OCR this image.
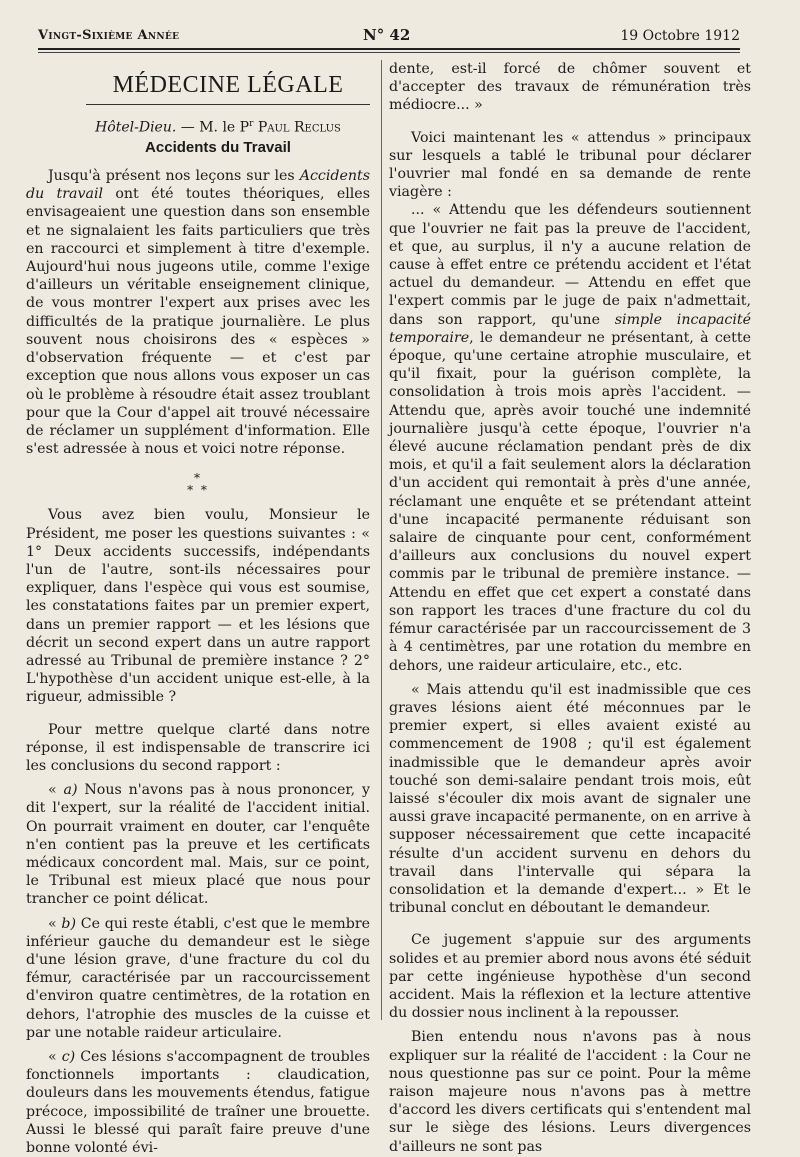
Vingt-Sixième Année	N° 42	19 Octobre 1912
MÉDECINE LÉGALE
Hôtel-Dieu. — M. le $P^r$ Paul Reclus
Accidents du Travail

Jusqu'à présent nos leçons sur les Accidents du travail ont été toutes théoriques, elles envisageaient une question dans son ensemble et ne signalaient les faits particuliers que très en raccourci et simplement à titre d'exemple. Aujourd'hui nous jugeons utile, comme l'exige d'ailleurs un véritable enseignement clinique, de vous montrer l'expert aux prises avec les difficultés de la pratique journalière. Le plus souvent nous choisirons des « espèces » d'observation fréquente — et c'est par exception que nous allons vous exposer un cas où le problème à résoudre était assez troublant pour que la Cour d'appel ait trouvé nécessaire de réclamer un supplément d'information. Elle s'est adressée à nous et voici notre réponse.

*
* *

Vous avez bien voulu, Monsieur le Président, me poser les questions suivantes : « 1° Deux accidents successifs, indépendants l'un de l'autre, sont-ils nécessaires pour expliquer, dans l'espèce qui vous est soumise, les constatations faites par un premier expert, dans un premier rapport — et les lésions que décrit un second expert dans un autre rapport adressé au Tribunal de première instance ? 2° L'hypothèse d'un accident unique est-elle, à la rigueur, admissible ?

Pour mettre quelque clarté dans notre réponse, il est indispensable de transcrire ici les conclusions du second rapport :

« a) Nous n'avons pas à nous prononcer, y dit l'expert, sur la réalité de l'accident initial. On pourrait vraiment en douter, car l'enquête n'en contient pas la preuve et les certificats médicaux concordent mal. Mais, sur ce point, le Tribunal est mieux placé que nous pour trancher ce point délicat.

« b) Ce qui reste établi, c'est que le membre inférieur gauche du demandeur est le siège d'une lésion grave, d'une fracture du col du fémur, caractérisée par un raccourcissement d'environ quatre centimètres, de la rotation en dehors, l'atrophie des muscles de la cuisse et par une notable raideur articulaire.

« c) Ces lésions s'accompagnent de troubles fonctionnels importants : claudication, douleurs dans les mouvements étendus, fatigue précoce, impossibilité de traîner une brouette. Aussi le blessé qui paraît faire preuve d'une bonne volonté évi-

dente, est-il forcé de chômer souvent et d'accepter des travaux de rémunération très médiocre... »

Voici maintenant les « attendus » principaux sur lesquels a tablé le tribunal pour déclarer l'ouvrier mal fondé en sa demande de rente viagère :

... « Attendu que les défendeurs soutiennent que l'ouvrier ne fait pas la preuve de l'accident, et que, au surplus, il n'y a aucune relation de cause à effet entre ce prétendu accident et l'état actuel du demandeur. — Attendu en effet que l'expert commis par le juge de paix n'admettait, dans son rapport, qu'une simple incapacité temporaire, le demandeur ne présentant, à cette époque, qu'une certaine atrophie musculaire, et qu'il fixait, pour la guérison complète, la consolidation à trois mois après l'accident. — Attendu que, après avoir touché une indemnité journalière jusqu'à cette époque, l'ouvrier n'a élevé aucune réclamation pendant près de dix mois, et qu'il a fait seulement alors la déclaration d'un accident qui remontait à près d'une année, réclamant une enquête et se prétendant atteint d'une incapacité permanente réduisant son salaire de cinquante pour cent, conformément d'ailleurs aux conclusions du nouvel expert commis par le tribunal de première instance. — Attendu en effet que cet expert a constaté dans son rapport les traces d'une fracture du col du fémur caractérisée par un raccourcissement de 3 à 4 centimètres, par une rotation du membre en dehors, une raideur articulaire, etc., etc.

« Mais attendu qu'il est inadmissible que ces graves lésions aient été méconnues par le premier expert, si elles avaient existé au commencement de 1908 ; qu'il est également inadmissible que le demandeur après avoir touché son demi-salaire pendant trois mois, eût laissé s'écouler dix mois avant de signaler une aussi grave incapacité permanente, on en arrive à supposer nécessairement que cette incapacité résulte d'un accident survenu en dehors du travail dans l'intervalle qui sépara la consolidation et la demande d'expert... » Et le tribunal conclut en déboutant le demandeur.

Ce jugement s'appuie sur des arguments solides et au premier abord nous avons été séduit par cette ingénieuse hypothèse d'un second accident. Mais la réflexion et la lecture attentive du dossier nous inclinent à la repousser.

Bien entendu nous n'avons pas à nous expliquer sur la réalité de l'accident : la Cour ne nous questionne pas sur ce point. Pour la même raison majeure nous n'avons pas à mettre d'accord les divers certificats qui s'entendent mal sur le siège des lésions. Leurs divergences d'ailleurs ne sont pas
